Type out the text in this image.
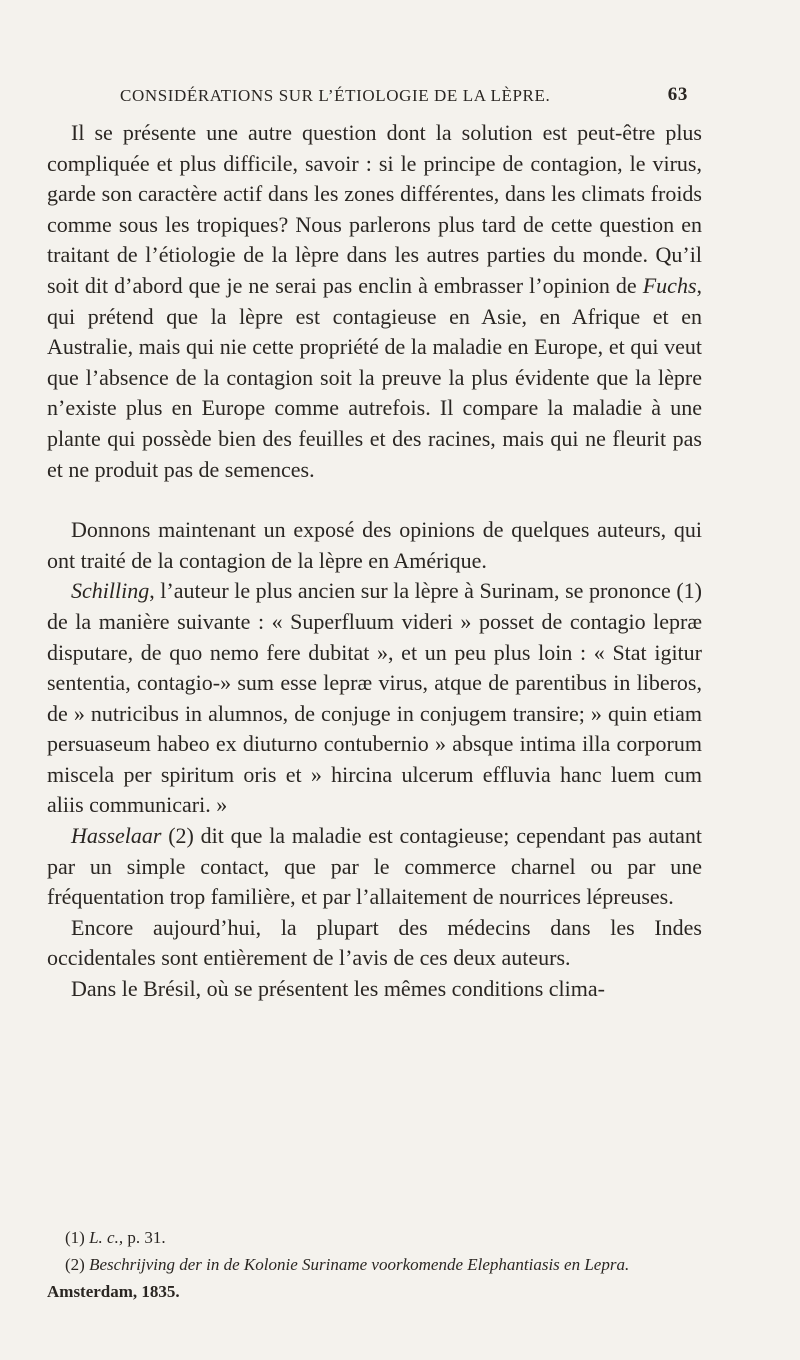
CONSIDÉRATIONS SUR L’ÉTIOLOGIE DE LA LÈPRE.	63

Il se présente une autre question dont la solution est peut-être plus compliquée et plus difficile, savoir : si le principe de contagion, le virus, garde son caractère actif dans les zones différentes, dans les climats froids comme sous les tropiques? Nous parlerons plus tard de cette question en traitant de l’étiologie de la lèpre dans les autres parties du monde. Qu’il soit dit d’abord que je ne serai pas enclin à embrasser l’opinion de Fuchs, qui prétend que la lèpre est contagieuse en Asie, en Afrique et en Australie, mais qui nie cette propriété de la maladie en Europe, et qui veut que l’absence de la contagion soit la preuve la plus évidente que la lèpre n’existe plus en Europe comme autrefois. Il compare la maladie à une plante qui possède bien des feuilles et des racines, mais qui ne fleurit pas et ne produit pas de semences.

Donnons maintenant un exposé des opinions de quelques auteurs, qui ont traité de la contagion de la lèpre en Amérique.

Schilling, l’auteur le plus ancien sur la lèpre à Surinam, se prononce (1) de la manière suivante : « Superfluum videri » posset de contagio lepræ disputare, de quo nemo fere dubitat », et un peu plus loin : « Stat igitur sententia, contagio-» sum esse lepræ virus, atque de parentibus in liberos, de » nutricibus in alumnos, de conjuge in conjugem transire; » quin etiam persuaseum habeo ex diuturno contubernio » absque intima illa corporum miscela per spiritum oris et » hircina ulcerum effluvia hanc luem cum aliis communicari. »

Hasselaar (2) dit que la maladie est contagieuse; cependant pas autant par un simple contact, que par le commerce charnel ou par une fréquentation trop familière, et par l’allaitement de nourrices lépreuses.

Encore aujourd’hui, la plupart des médecins dans les Indes occidentales sont entièrement de l’avis de ces deux auteurs.

Dans le Brésil, où se présentent les mêmes conditions clima-

(1) L. c., p. 31.

(2) Beschrijving der in de Kolonie Suriname voorkomende Elephantiasis en Lepra. Amsterdam, 1835.
